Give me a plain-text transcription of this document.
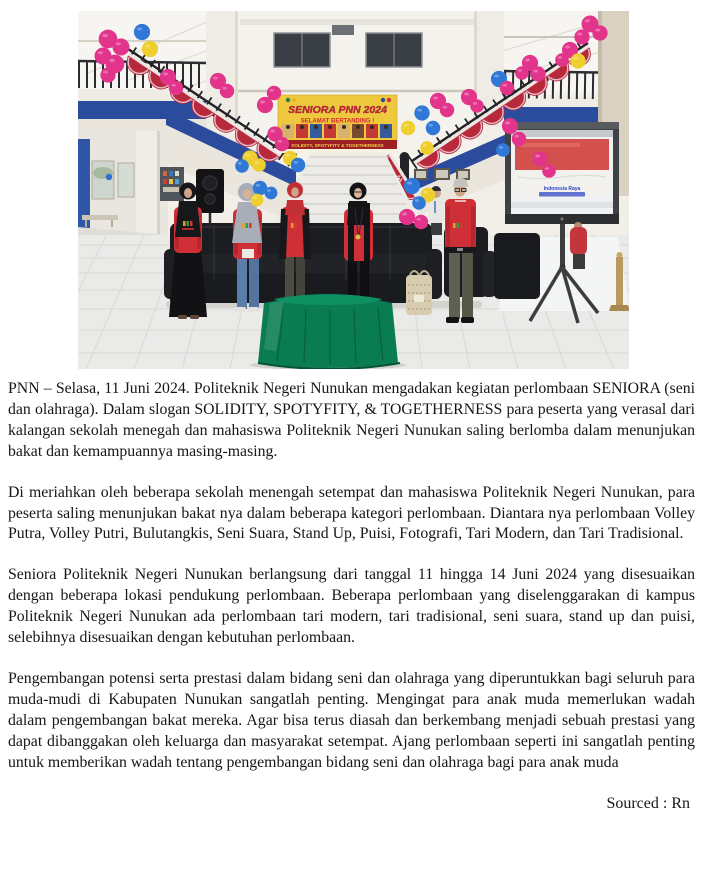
SENIORA PNN 2024
SELAMAT BERTANDING !
SOLIDITY, SPOTYFITY & TOGETHERNESS
Indonesia Raya

PNN – Selasa, 11 Juni 2024. Politeknik Negeri Nunukan mengadakan kegiatan perlombaan SENIORA (seni dan olahraga). Dalam slogan SOLIDITY, SPOTYFITY, & TOGETHERNESS para peserta yang verasal dari kalangan sekolah menegah dan mahasiswa Politeknik Negeri Nunukan saling berlomba dalam menunjukan bakat dan kemampuannya masing-masing.

Di meriahkan oleh beberapa sekolah menengah setempat dan mahasiswa Politeknik Negeri Nunukan, para peserta saling menunjukan bakat nya dalam beberapa kategori perlombaan. Diantara nya perlombaan Volley Putra, Volley Putri, Bulutangkis, Seni Suara, Stand Up, Puisi, Fotografi, Tari Modern, dan Tari Tradisional.

Seniora Politeknik Negeri Nunukan berlangsung dari tanggal 11 hingga 14 Juni 2024 yang disesuaikan dengan beberapa lokasi pendukung perlombaan. Beberapa perlombaan yang diselenggarakan di kampus Politeknik Negeri Nunukan ada perlombaan tari modern, tari tradisional, seni suara, stand up dan puisi, selebihnya disesuaikan dengan kebutuhan perlombaan.

Pengembangan potensi serta prestasi dalam bidang seni dan olahraga yang diperuntukkan bagi seluruh para muda-mudi di Kabupaten Nunukan sangatlah penting. Mengingat para anak muda memerlukan wadah dalam pengembangan bakat mereka. Agar bisa terus diasah dan berkembang menjadi sebuah prestasi yang dapat dibanggakan oleh keluarga dan masyarakat setempat. Ajang perlombaan seperti ini sangatlah penting untuk memberikan wadah tentang pengembangan bidang seni dan olahraga bagi para anak muda

Sourced : Rn
